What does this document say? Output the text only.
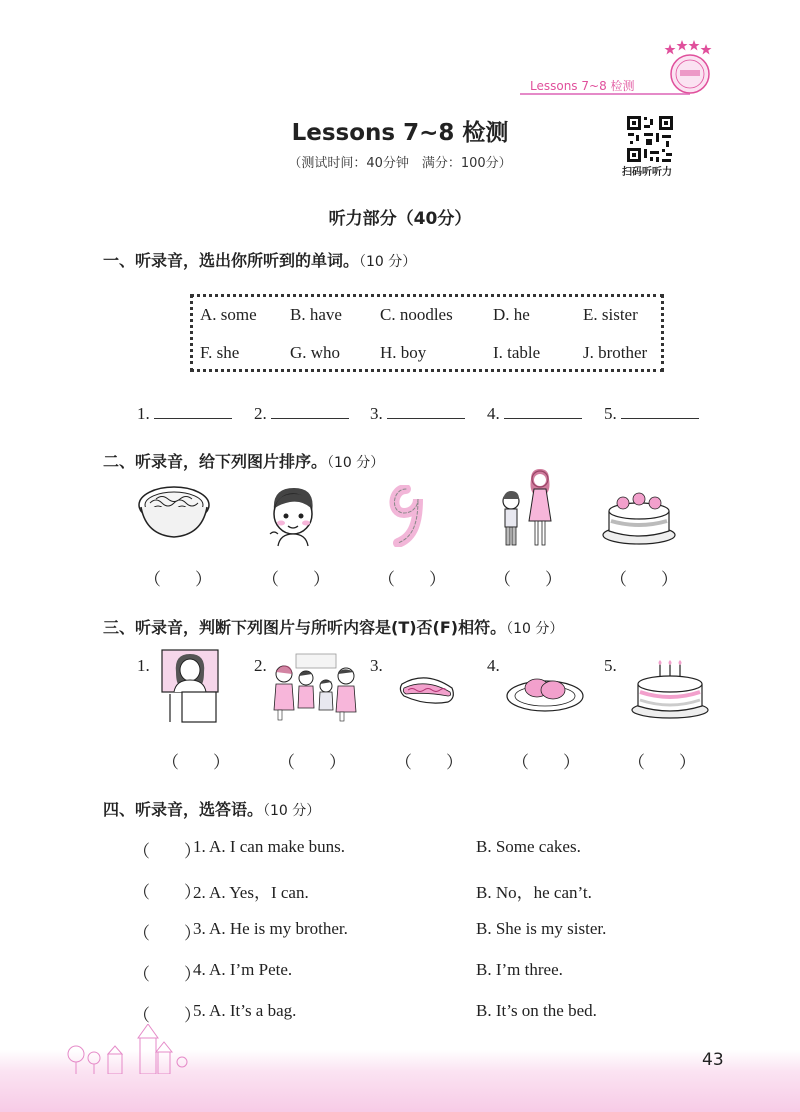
Lessons 7~8 检测
Lessons 7~8 检测
（测试时间：40分钟　满分：100分）
扫码听听力
听力部分（40分）
一、听录音，选出你所听到的单词。（10 分）
A. some B. have C. noodles D. he	E. sister
F. she	G. who H. boy	I. table	J. brother
1.	2.	3.	4.	5.
二、听录音，给下列图片排序。（10 分）
（　　）	（　　）	（　　）	（　　）	（　　）
三、听录音，判断下列图片与所听内容是(T)否(F)相符。（10 分）
1.	2.	3.	4.	5.
（　　）	（　　）	（　　）	（　　）	（　　）
四、听录音，选答语。（10 分）
（　　）
1. A. I can make buns.	B. Some cakes.
（　　）
2. A. Yes，I can.	B. No，he can’t.
（　　）
3. A. He is my brother.	B. She is my sister.
（　　）
4. A. I’m Pete.	B. I’m three.
（　　）
5. A. It’s a bag.	B. It’s on the bed.
43
